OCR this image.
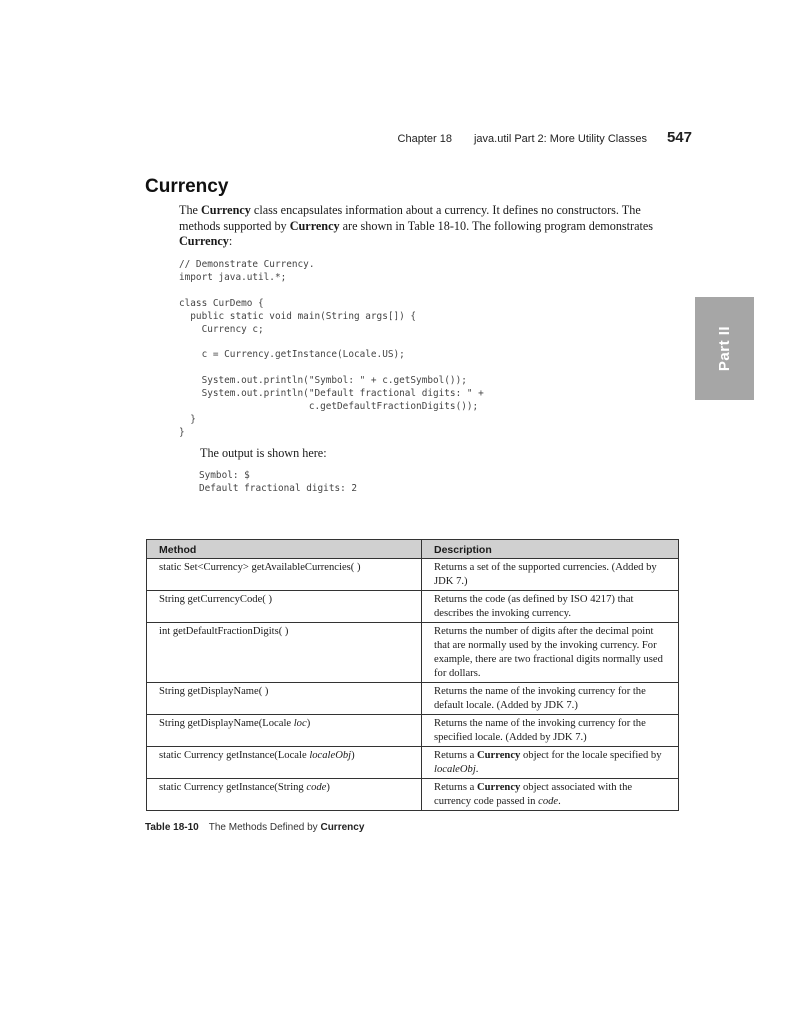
Chapter 18 java.util Part 2: More Utility Classes 547
Currency

The Currency class encapsulates information about a currency. It defines no constructors. The methods supported by Currency are shown in Table 18-10. The following program demonstrates Currency:

// Demonstrate Currency.
import java.util.*;

class CurDemo {
public static void main(String args[]) {
Currency c;

c = Currency.getInstance(Locale.US);

System.out.println("Symbol: " + c.getSymbol());
System.out.println("Default fractional digits: " +
c.getDefaultFractionDigits());
}
}
The output is shown here:
Symbol: $
Default fractional digits: 2
Part II
Method	Description
static Set<Currency> getAvailableCurrencies( )	Returns a set of the supported currencies. (Added by JDK 7.)
String getCurrencyCode( )	Returns the code (as defined by ISO 4217) that describes the invoking currency.
int getDefaultFractionDigits( )	Returns the number of digits after the decimal point that are normally used by the invoking currency. For example, there are two fractional digits normally used for dollars.
String getDisplayName( )	Returns the name of the invoking currency for the default locale. (Added by JDK 7.)
String getDisplayName(Locale loc)	Returns the name of the invoking currency for the specified locale. (Added by JDK 7.)
static Currency getInstance(Locale localeObj)	Returns a Currency object for the locale specified by localeObj.
static Currency getInstance(String code)	Returns a Currency object associated with the currency code passed in code.
Table 18-10 The Methods Defined by Currency
